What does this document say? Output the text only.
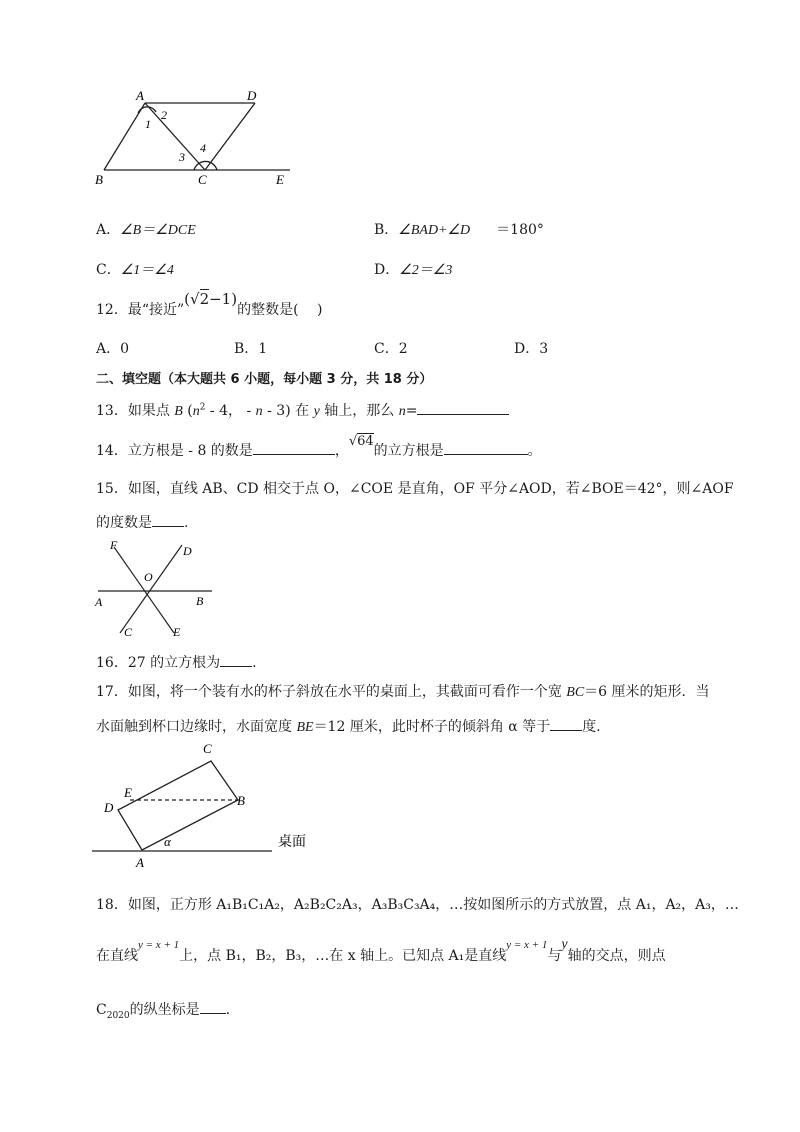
A	D
1
2
3
4
B	C	E
A．∠B＝∠DCE	B．∠BAD+∠D ＝180°
C．∠1＝∠4	D．∠2＝∠3
12．最“接近”(√2−1)的整数是(　 )
A．0	B．1	C．2	D．3
二、填空题（本大题共 6 小题，每小题 3 分，共 18 分）
13．如果点 B ($n^2 - 4$， - n - 3) 在 y 轴上，那么 n=
14．立方根是 - 8 的数是	，√64的立方根是	。
15．如图，直线 AB、CD 相交于点 O，∠COE 是直角，OF 平分∠AOD，若∠BOE＝42°，则∠AOF
的度数是 .
F	D
O
A	B
C	E
16．27 的立方根为 .
17．如图，将一个装有水的杯子斜放在水平的桌面上，其截面可看作一个宽 BC＝6 厘米的矩形．当
水面触到杯口边缘时，水面宽度 BE＝12 厘米，此时杯子的倾斜角 α 等于 度.
C
E
D	B
α
A
桌面
18．如图，正方形 A₁B₁C₁A₂，A₂B₂C₂A₃，A₃B₃C₃A₄，…按如图所示的方式放置，点 A₁，A₂，A₃，…
在直线$^{y = x + 1}$上，点 B₁，B₂，B₃，…在 x 轴上。已知点 A₁是直线$^{y = x + 1}$与y轴的交点，则点
$C_{2020}$的纵坐标是 .
